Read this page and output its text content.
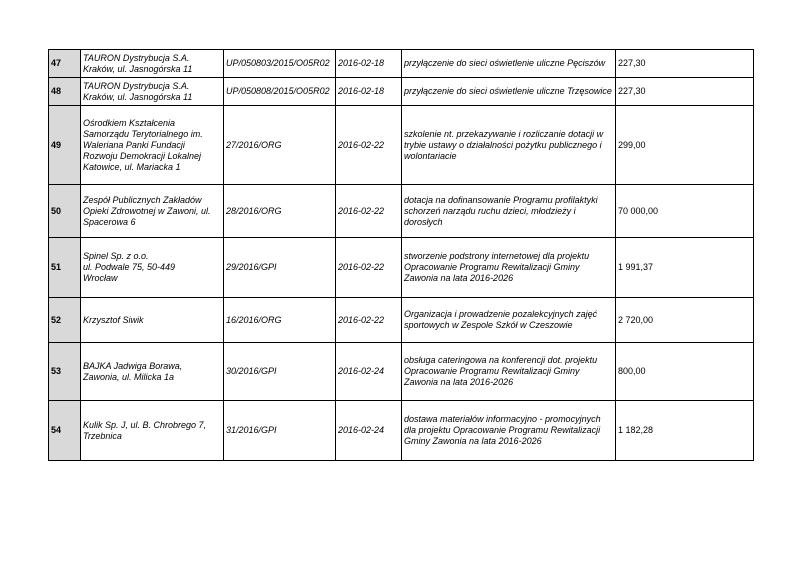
47	TAURON Dystrybucja S.A.
Kraków, ul. Jasnogórska 11	UP/050803/2015/O05R02	2016-02-18	przyłączenie do sieci oświetlenie uliczne Pęciszów	227,30
48	TAURON Dystrybucja S.A.
Kraków, ul. Jasnogórska 11	UP/050808/2015/O05R02	2016-02-18	przyłączenie do sieci oświetlenie uliczne Trzęsowice	227,30
49	Ośrodkiem Kształcenia
Samorządu Terytorialnego im.
Waleriana Panki Fundacji
Rozwoju Demokracji Lokalnej
Katowice, ul. Mariacka 1	27/2016/ORG	2016-02-22	szkolenie nt. przekazywanie i rozliczanie dotacji w trybie ustawy o działalności pożytku publicznego i wolontariacie	299,00
50	Zespół Publicznych Zakładów
Opieki Zdrowotnej w Zawoni, ul.
Spacerowa 6	28/2016/ORG	2016-02-22	dotacja na dofinansowanie Programu profilaktyki schorzeń narządu ruchu dzieci, młodzieży i dorosłych	70 000,00
51	Spinel Sp. z o.o.
ul. Podwale 75, 50-449
Wrocław	29/2016/GPI	2016-02-22	stworzenie podstrony internetowej dla projektu Opracowanie Programu Rewitalizacji Gminy Zawonia na lata 2016-2026	1 991,37
52	Krzysztof Siwik	16/2016/ORG	2016-02-22	Organizacja i prowadzenie pozalekcyjnych zajęć sportowych w Zespole Szkół w Czeszowie	2 720,00
53	BAJKA Jadwiga Borawa,
Zawonia, ul. Milicka 1a	30/2016/GPI	2016-02-24	obsługa cateringowa na konferencji dot. projektu Opracowanie Programu Rewitalizacji Gminy Zawonia na lata 2016-2026	800,00
54	Kulik Sp. J, ul. B. Chrobrego 7,
Trzebnica	31/2016/GPI	2016-02-24	dostawa materiałów informacyjno - promocyjnych dla projektu Opracowanie Programu Rewitalizacji Gminy Zawonia na lata 2016-2026	1 182,28
